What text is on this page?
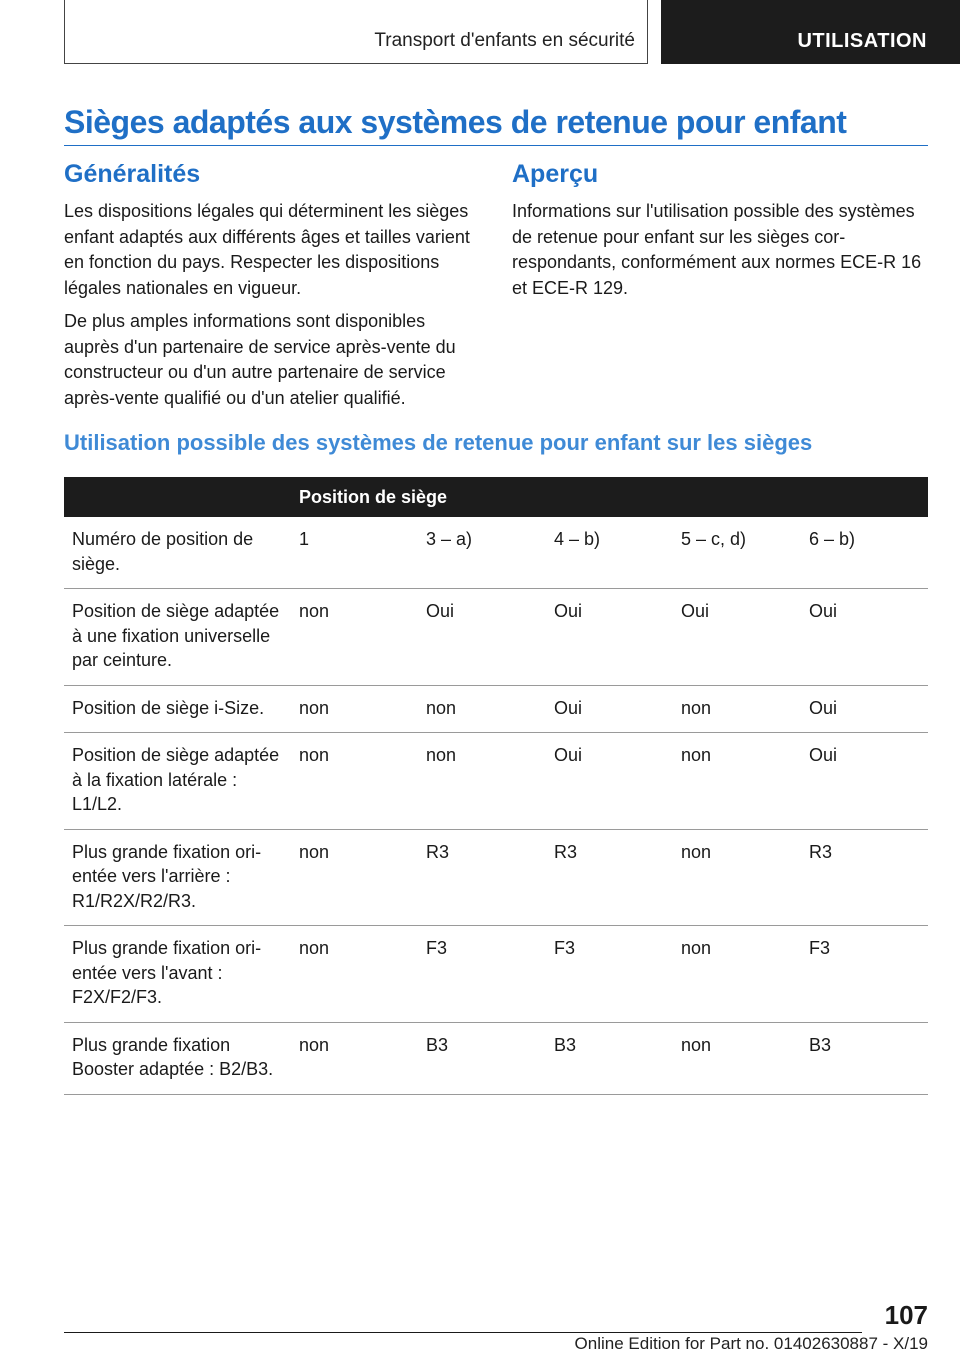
Transport d'enfants en sécurité	UTILISATION
Sièges adaptés aux systèmes de retenue pour enfant
Généralités

Les dispositions légales qui déterminent les sièges enfant adaptés aux différents âges et tailles varient en fonction du pays. Respecter les dispositions légales nationales en vigueur.

De plus amples informations sont disponibles auprès d'un partenaire de service après-vente du constructeur ou d'un autre partenaire de service après-vente qualifié ou d'un atelier qualifié.

Aperçu

Informations sur l'utilisation possible des systèmes de retenue pour enfant sur les sièges correspondants, conformément aux normes ECE-R 16 et ECE-R 129.

Utilisation possible des systèmes de retenue pour enfant sur les sièges
	Position de siège				
Numéro de position de siège.	1	3 – a)	4 – b)	5 – c, d)	6 – b)
Position de siège adaptée à une fixation universelle par ceinture.	non	Oui	Oui	Oui	Oui
Position de siège i-Size.	non	non	Oui	non	Oui
Position de siège adaptée à la fixation latérale : L1/L2.	non	non	Oui	non	Oui
Plus grande fixation orientée vers l'arrière : R1/R2X/R2/R3.	non	R3	R3	non	R3
Plus grande fixation orientée vers l'avant : F2X/F2/F3.	non	F3	F3	non	F3
Plus grande fixation Booster adaptée : B2/B3.	non	B3	B3	non	B3
107
Online Edition for Part no. 01402630887 - X/19
